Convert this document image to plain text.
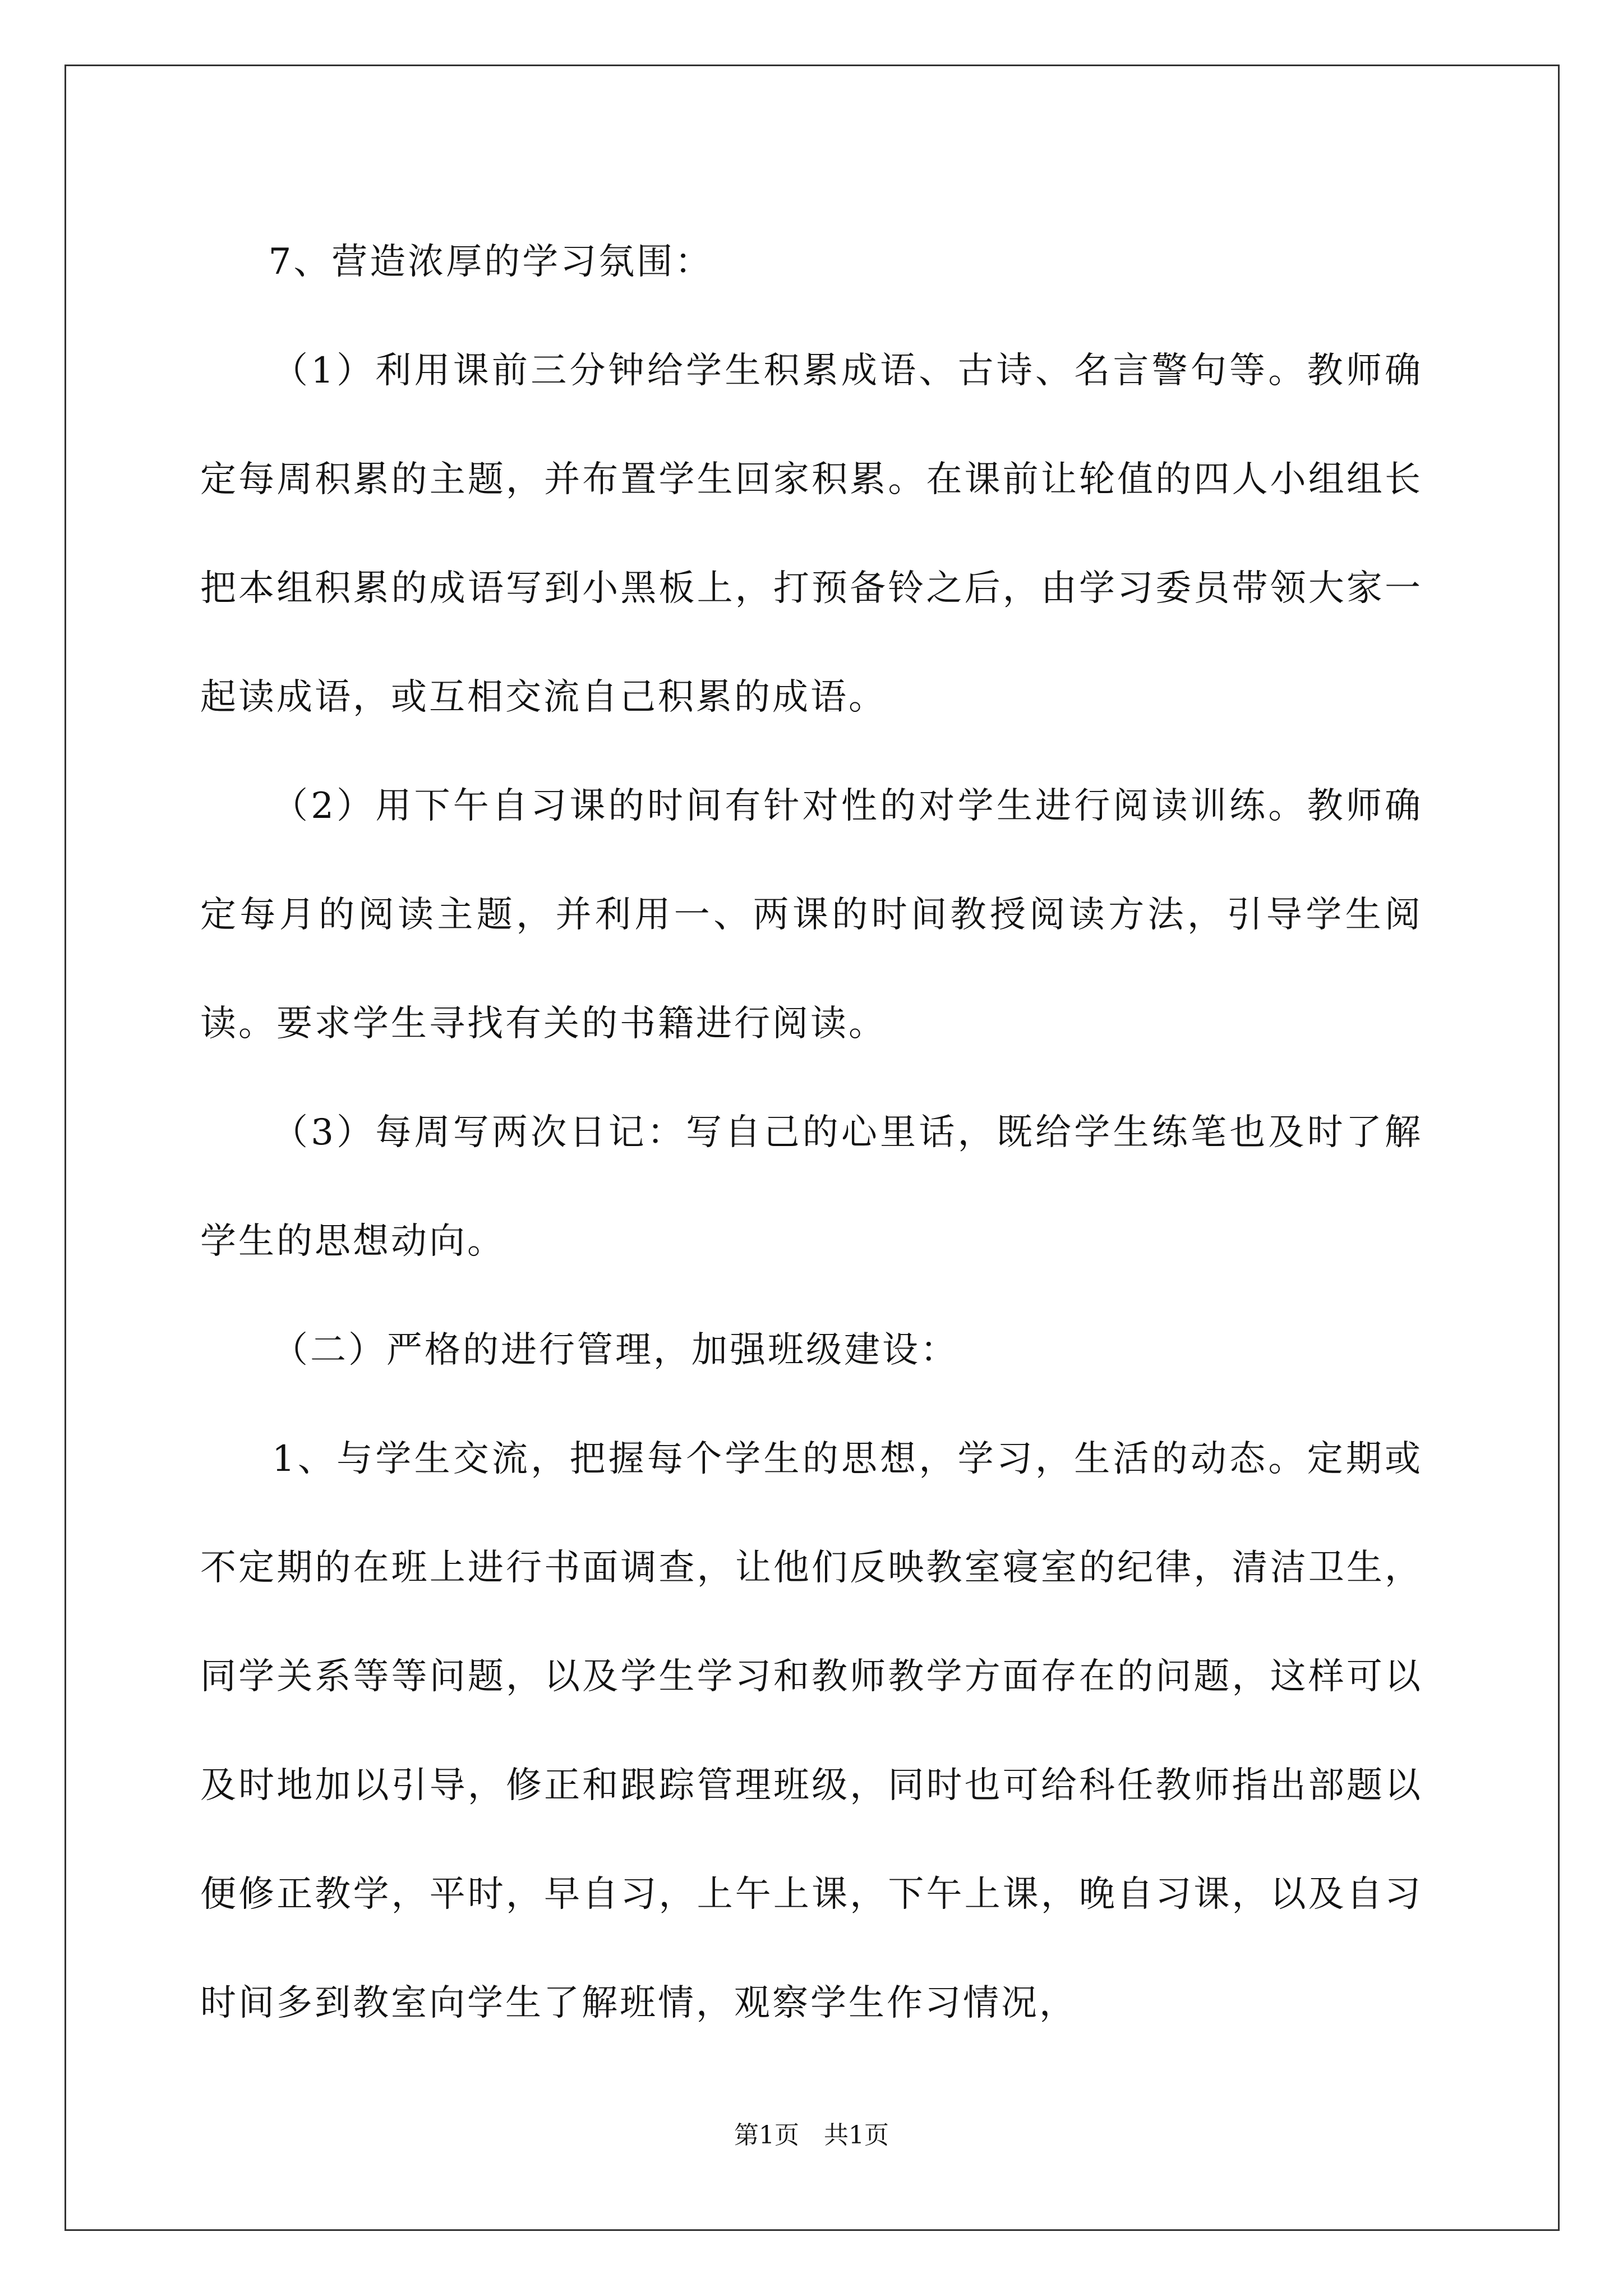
7、营造浓厚的学习氛围：

（1）利用课前三分钟给学生积累成语、古诗、名言警句等。教师确定每周积累的主题，并布置学生回家积累。在课前让轮值的四人小组组长把本组积累的成语写到小黑板上，打预备铃之后，由学习委员带领大家一起读成语，或互相交流自己积累的成语。

（2）用下午自习课的时间有针对性的对学生进行阅读训练。教师确定每月的阅读主题，并利用一、两课的时间教授阅读方法，引导学生阅读。要求学生寻找有关的书籍进行阅读。

（3）每周写两次日记：写自己的心里话，既给学生练笔也及时了解学生的思想动向。

（二）严格的进行管理，加强班级建设：

1、与学生交流，把握每个学生的思想，学习，生活的动态。定期或不定期的在班上进行书面调查，让他们反映教室寝室的纪律，清洁卫生，同学关系等等问题，以及学生学习和教师教学方面存在的问题，这样可以及时地加以引导，修正和跟踪管理班级，同时也可给科任教师指出部题以便修正教学，平时，早自习，上午上课，下午上课，晚自习课，以及自习时间多到教室向学生了解班情，观察学生作习情况，

第1页　共1页
